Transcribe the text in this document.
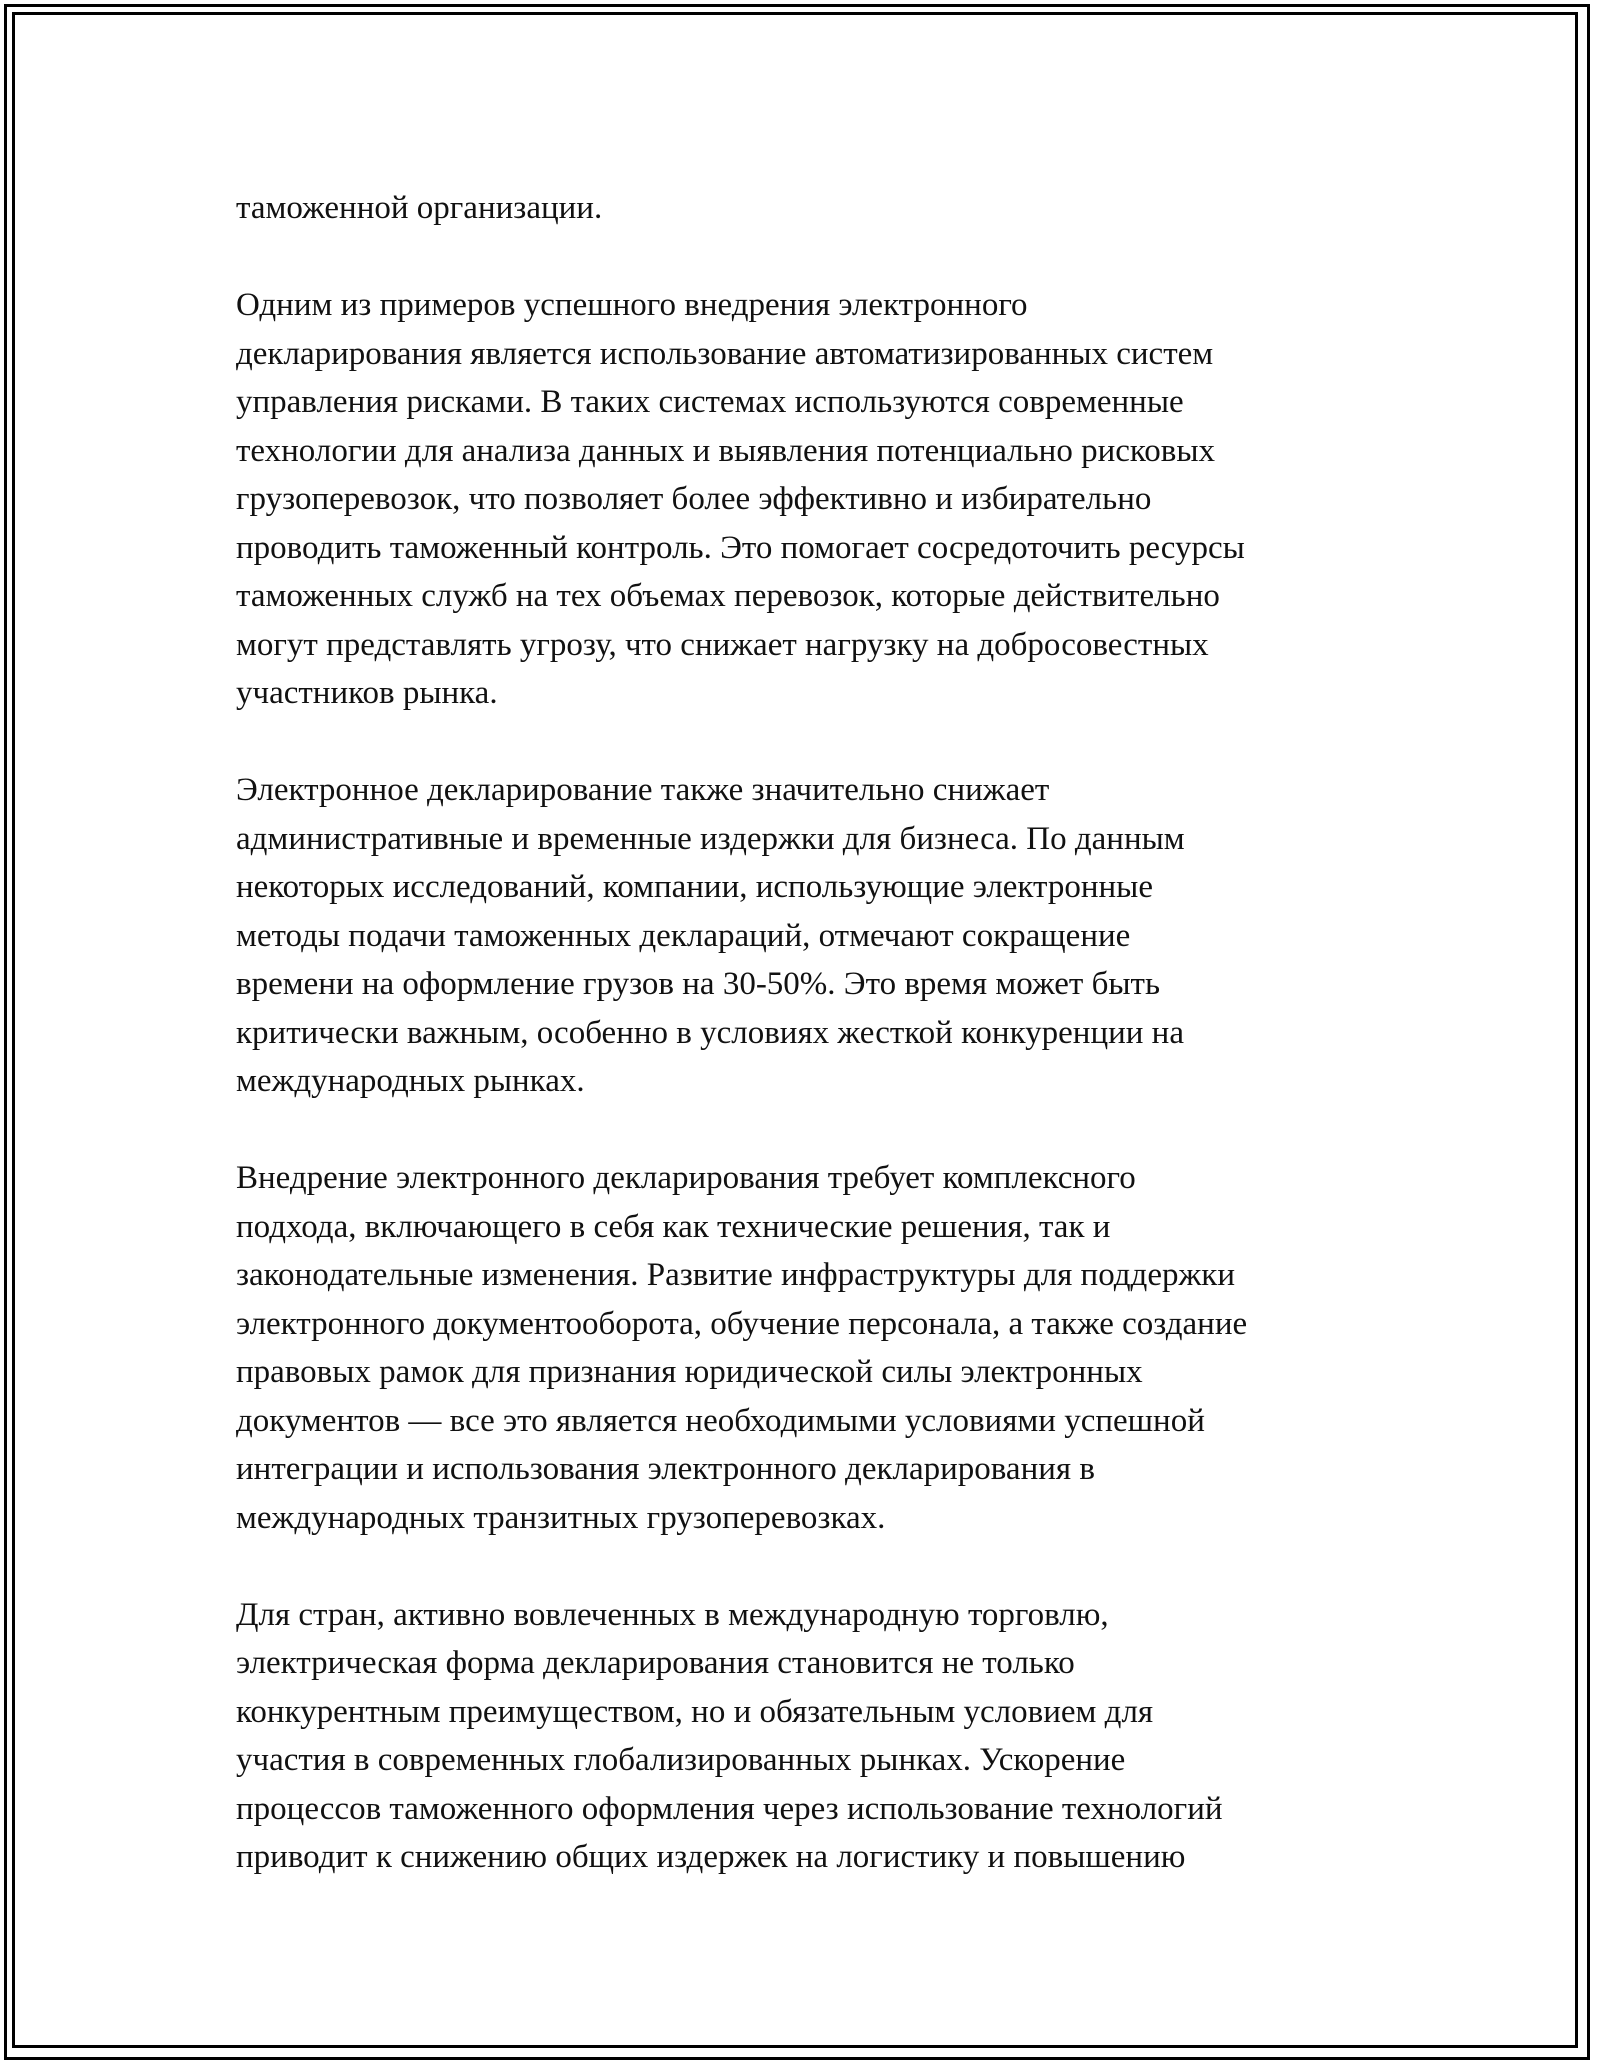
таможенной организации.

Одним из примеров успешного внедрения электронного
декларирования является использование автоматизированных систем
управления рисками. В таких системах используются современные
технологии для анализа данных и выявления потенциально рисковых
грузоперевозок, что позволяет более эффективно и избирательно
проводить таможенный контроль. Это помогает сосредоточить ресурсы
таможенных служб на тех объемах перевозок, которые действительно
могут представлять угрозу, что снижает нагрузку на добросовестных
участников рынка.

Электронное декларирование также значительно снижает
административные и временные издержки для бизнеса. По данным
некоторых исследований, компании, использующие электронные
методы подачи таможенных деклараций, отмечают сокращение
времени на оформление грузов на 30-50%. Это время может быть
критически важным, особенно в условиях жесткой конкуренции на
международных рынках.

Внедрение электронного декларирования требует комплексного
подхода, включающего в себя как технические решения, так и
законодательные изменения. Развитие инфраструктуры для поддержки
электронного документооборота, обучение персонала, а также создание
правовых рамок для признания юридической силы электронных
документов — все это является необходимыми условиями успешной
интеграции и использования электронного декларирования в
международных транзитных грузоперевозках.

Для стран, активно вовлеченных в международную торговлю,
электрическая форма декларирования становится не только
конкурентным преимуществом, но и обязательным условием для
участия в современных глобализированных рынках. Ускорение
процессов таможенного оформления через использование технологий
приводит к снижению общих издержек на логистику и повышению
